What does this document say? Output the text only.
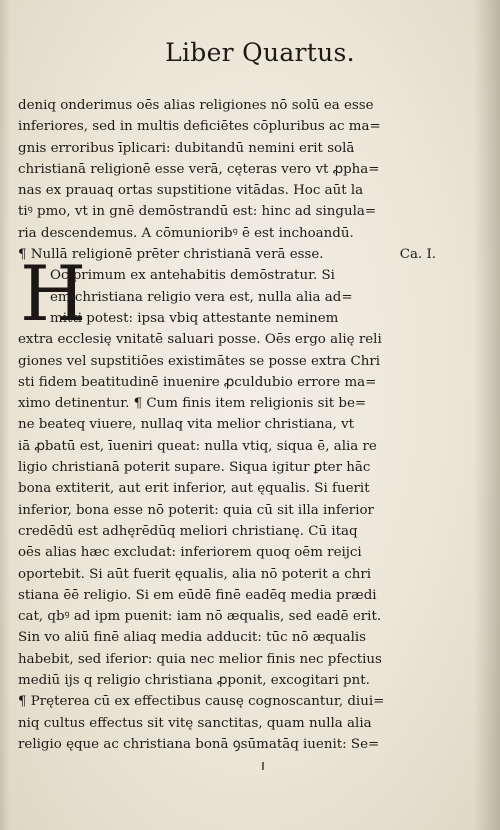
Liber Quartus.
H
deniq onderimus oēs alias religiones nō solū ea esse
inferiores, sed in multis deficiētes cōpluribus ac ma=
gnis erroribus īplicari: dubitandū nemini erit solā
christianā religionē esse verā, cęteras vero vt ꝓpha=
nas ex prauaq ortas supstitione vitādas. Hoc aūt la
tiꝰ pmo, vt in gnē demōstrandū est: hinc ad singula=
ria descendemus. A cōmunioribꝰ ē est inchoandū.
¶ Nullā religionē prēter christianā verā esse.	Ca. I.
Oc primum ex antehabitis demōstratur. Si
ēm christiana religio vera est, nulla alia ad=
mitti potest: ipsa vbiq attestante neminem
extra ecclesię vnitatē saluari posse. Oēs ergo alię reli
giones vel supstitiōes existimātes se posse extra Chri
sti fidem beatitudinē inuenire ꝓculdubio errore ma=
ximo detinentur. ¶ Cum finis item religionis sit be=
ne beateq viuere, nullaq vita melior christiana, vt
iā ꝓbatū est, īueniri queat: nulla vtiq, siqua ē, alia re
ligio christianā poterit supare. Siqua igitur ꝑter hāc
bona extiterit, aut erit inferior, aut ęqualis. Si fuerit
inferior, bona esse nō poterit: quia cū sit illa inferior
credēdū est adhęrēdūq meliori christianę. Cū itaq
oēs alias hæc excludat: inferiorem quoq oēm reijci
oportebit. Si aūt fuerit ęqualis, alia nō poterit a chri
stiana ēē religio. Si em eūdē finē eadēq media prædi
cat, qbꝰ ad ipm puenit: iam nō æqualis, sed eadē erit.
Sin vo aliū finē aliaq media adducit: tūc nō æqualis
habebit, sed iferior: quia nec melior finis nec pfectius
mediū ijs q religio christiana ꝓponit, excogitari pnt.
¶ Pręterea cū ex effectibus causę cognoscantur, diui=
niq cultus effectus sit vitę sanctitas, quam nulla alia
religio ęque ac christiana bonā ꝯsūmatāq iuenit: Se=
